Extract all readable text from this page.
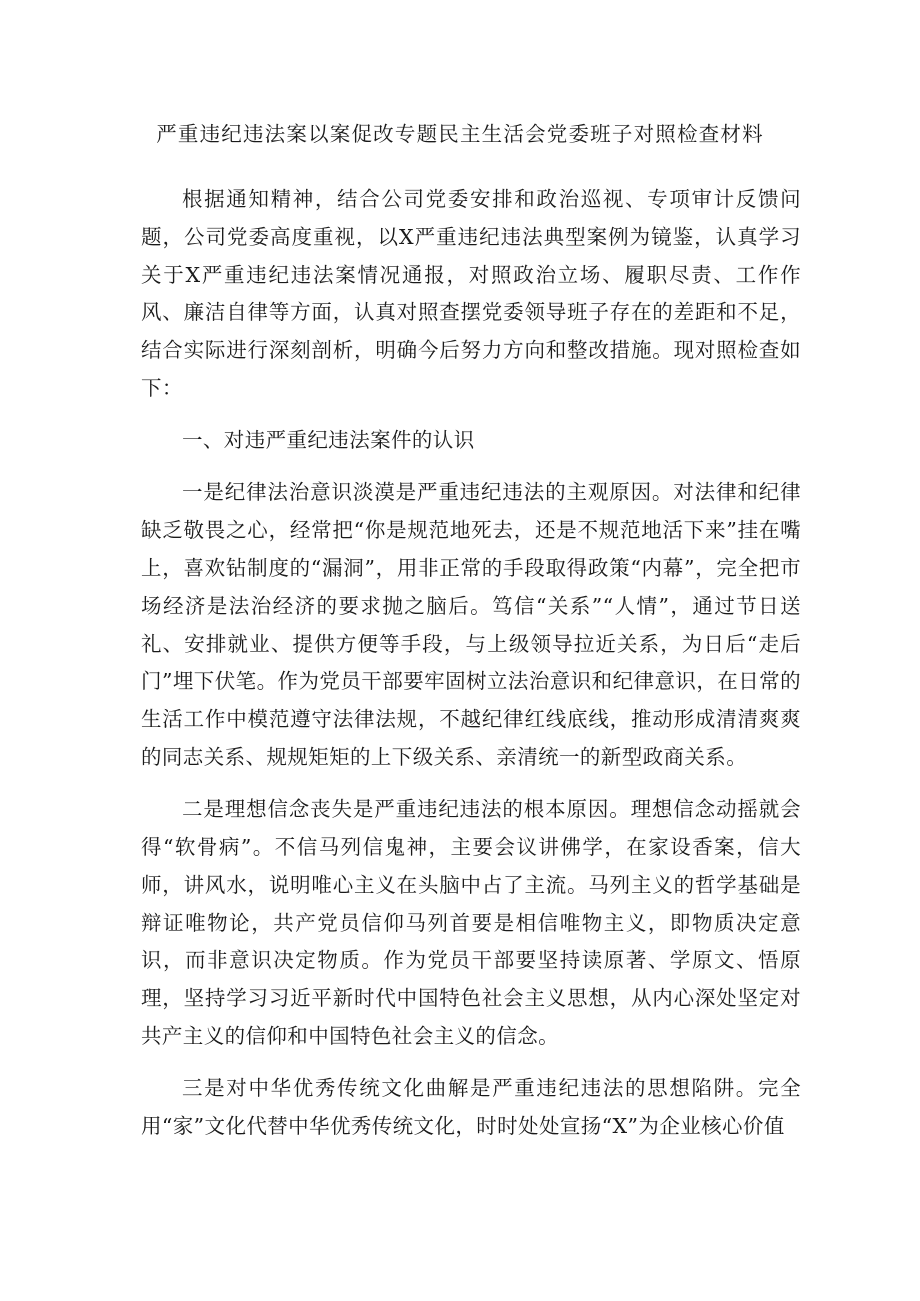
严重违纪违法案以案促改专题民主生活会党委班子对照检查材料

根据通知精神，结合公司党委安排和政治巡视、专项审计反馈问题，公司党委高度重视，以X严重违纪违法典型案例为镜鉴，认真学习关于X严重违纪违法案情况通报，对照政治立场、履职尽责、工作作风、廉洁自律等方面，认真对照查摆党委领导班子存在的差距和不足，结合实际进行深刻剖析，明确今后努力方向和整改措施。现对照检查如下：

一、对违严重纪违法案件的认识

一是纪律法治意识淡漠是严重违纪违法的主观原因。对法律和纪律缺乏敬畏之心，经常把“你是规范地死去，还是不规范地活下来”挂在嘴上，喜欢钻制度的“漏洞”，用非正常的手段取得政策“内幕”，完全把市场经济是法治经济的要求抛之脑后。笃信“关系”“人情”，通过节日送礼、安排就业、提供方便等手段，与上级领导拉近关系，为日后“走后门”埋下伏笔。作为党员干部要牢固树立法治意识和纪律意识，在日常的生活工作中模范遵守法律法规，不越纪律红线底线，推动形成清清爽爽的同志关系、规规矩矩的上下级关系、亲清统一的新型政商关系。

二是理想信念丧失是严重违纪违法的根本原因。理想信念动摇就会得“软骨病”。不信马列信鬼神，主要会议讲佛学，在家设香案，信大师，讲风水，说明唯心主义在头脑中占了主流。马列主义的哲学基础是辩证唯物论，共产党员信仰马列首要是相信唯物主义，即物质决定意识，而非意识决定物质。作为党员干部要坚持读原著、学原文、悟原理，坚持学习习近平新时代中国特色社会主义思想，从内心深处坚定对共产主义的信仰和中国特色社会主义的信念。

三是对中华优秀传统文化曲解是严重违纪违法的思想陷阱。完全用“家”文化代替中华优秀传统文化，时时处处宣扬“X”为企业核心价值
